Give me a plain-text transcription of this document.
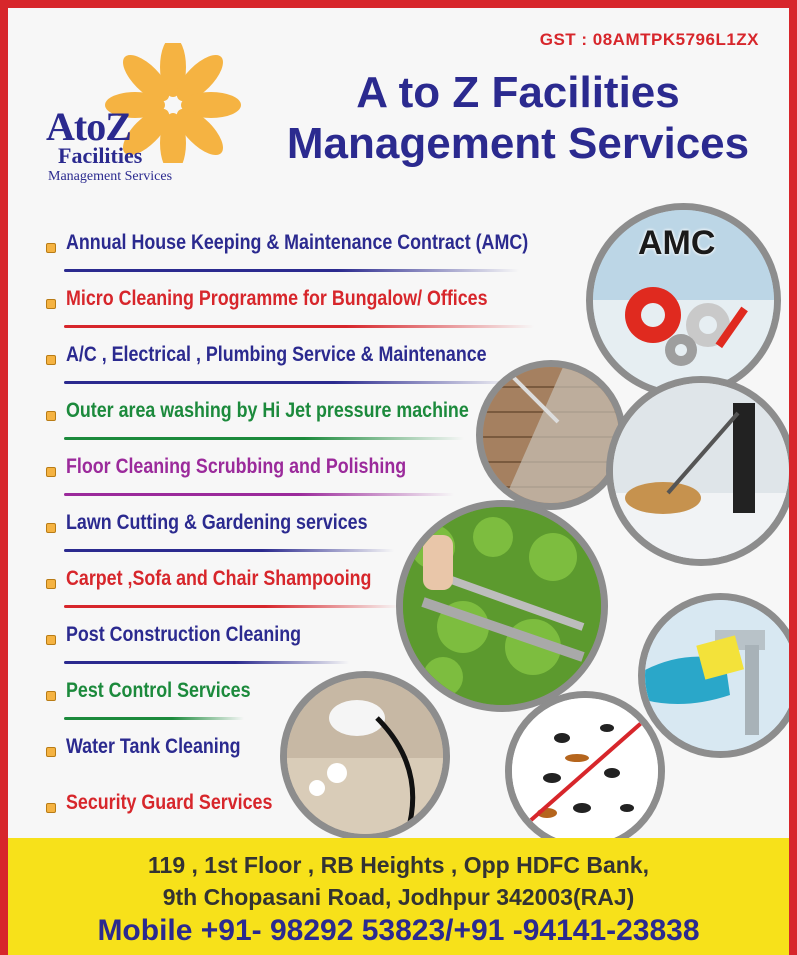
GST : 08AMTPK5796L1ZX
AtoZ
Facilities
Management Services
A to Z Facilities
Management Services
Annual House Keeping & Maintenance Contract (AMC)
Micro Cleaning Programme for Bungalow/ Offices
A/C , Electrical , Plumbing Service & Maintenance
Outer area washing by Hi Jet pressure machine
Floor Cleaning Scrubbing and Polishing
Lawn Cutting & Gardening services
Carpet ,Sofa and Chair Shampooing
Post Construction Cleaning
Pest Control Services
Water Tank Cleaning
Security Guard Services
AMC
119 , 1st Floor , RB Heights , Opp HDFC Bank,
9th Chopasani Road, Jodhpur 342003(RAJ)
Mobile +91- 98292 53823/+91 -94141-23838
